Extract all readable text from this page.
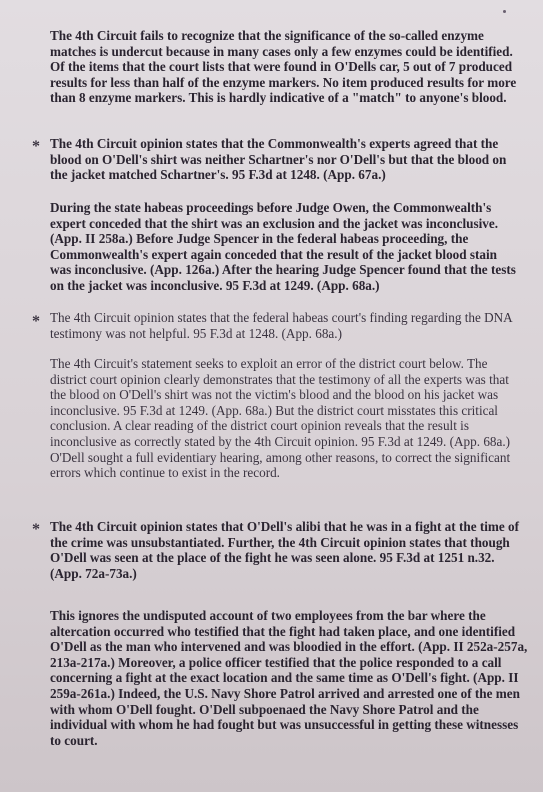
The 4th Circuit fails to recognize that the significance of the so-called enzyme matches is undercut because in many cases only a few enzymes could be identified. Of the items that the court lists that were found in O'Dells car, 5 out of 7 produced results for less than half of the enzyme markers. No item produced results for more than 8 enzyme markers. This is hardly indicative of a "match" to anyone's blood.

* The 4th Circuit opinion states that the Commonwealth's experts agreed that the blood on O'Dell's shirt was neither Schartner's nor O'Dell's but that the blood on the jacket matched Schartner's. 95 F.3d at 1248. (App. 67a.)

During the state habeas proceedings before Judge Owen, the Commonwealth's expert conceded that the shirt was an exclusion and the jacket was inconclusive. (App. II 258a.) Before Judge Spencer in the federal habeas proceeding, the Commonwealth's expert again conceded that the result of the jacket blood stain was inconclusive. (App. 126a.) After the hearing Judge Spencer found that the tests on the jacket was inconclusive. 95 F.3d at 1249. (App. 68a.)

* The 4th Circuit opinion states that the federal habeas court's finding regarding the DNA testimony was not helpful. 95 F.3d at 1248. (App. 68a.)

The 4th Circuit's statement seeks to exploit an error of the district court below. The district court opinion clearly demonstrates that the testimony of all the experts was that the blood on O'Dell's shirt was not the victim's blood and the blood on his jacket was inconclusive. 95 F.3d at 1249. (App. 68a.) But the district court misstates this critical conclusion. A clear reading of the district court opinion reveals that the result is inconclusive as correctly stated by the 4th Circuit opinion. 95 F.3d at 1249. (App. 68a.) O'Dell sought a full evidentiary hearing, among other reasons, to correct the significant errors which continue to exist in the record.

* The 4th Circuit opinion states that O'Dell's alibi that he was in a fight at the time of the crime was unsubstantiated. Further, the 4th Circuit opinion states that though O'Dell was seen at the place of the fight he was seen alone. 95 F.3d at 1251 n.32. (App. 72a-73a.)

This ignores the undisputed account of two employees from the bar where the altercation occurred who testified that the fight had taken place, and one identified O'Dell as the man who intervened and was bloodied in the effort. (App. II 252a-257a, 213a-217a.) Moreover, a police officer testified that the police responded to a call concerning a fight at the exact location and the same time as O'Dell's fight. (App. II 259a-261a.) Indeed, the U.S. Navy Shore Patrol arrived and arrested one of the men with whom O'Dell fought. O'Dell subpoenaed the Navy Shore Patrol and the individual with whom he had fought but was unsuccessful in getting these witnesses to court.
